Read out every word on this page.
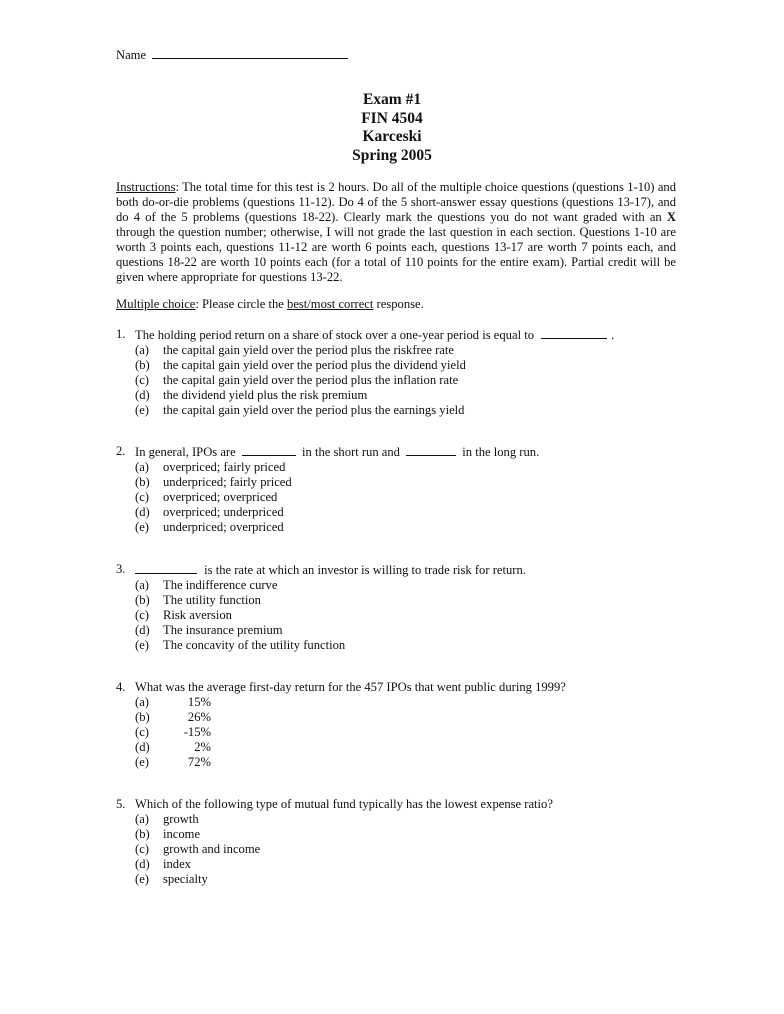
Name
Exam #1
FIN 4504
Karceski
Spring 2005
Instructions: The total time for this test is 2 hours. Do all of the multiple choice questions (questions 1-10) and both do-or-die problems (questions 11-12). Do 4 of the 5 short-answer essay questions (questions 13-17), and do 4 of the 5 problems (questions 18-22). Clearly mark the questions you do not want graded with an X through the question number; otherwise, I will not grade the last question in each section. Questions 1-10 are worth 3 points each, questions 11-12 are worth 6 points each, questions 13-17 are worth 7 points each, and questions 18-22 are worth 10 points each (for a total of 110 points for the entire exam). Partial credit will be given where appropriate for questions 13-22.
Multiple choice: Please circle the best/most correct response.
1. The holding period return on a share of stock over a one-year period is equal to	.
(a) the capital gain yield over the period plus the riskfree rate
(b) the capital gain yield over the period plus the dividend yield
(c) the capital gain yield over the period plus the inflation rate
(d) the dividend yield plus the risk premium
(e) the capital gain yield over the period plus the earnings yield
2. In general, IPOs are	in the short run and	in the long run.
(a) overpriced; fairly priced
(b) underpriced; fairly priced
(c) overpriced; overpriced
(d) overpriced; underpriced
(e) underpriced; overpriced
3.	is the rate at which an investor is willing to trade risk for return.
(a) The indifference curve
(b) The utility function
(c) Risk aversion
(d) The insurance premium
(e) The concavity of the utility function
4. What was the average first-day return for the 457 IPOs that went public during 1999?
(a)	15%
(b)	26%
(c)	-15%
(d)	2%
(e)	72%
5. Which of the following type of mutual fund typically has the lowest expense ratio?
(a) growth
(b) income
(c) growth and income
(d) index
(e) specialty
